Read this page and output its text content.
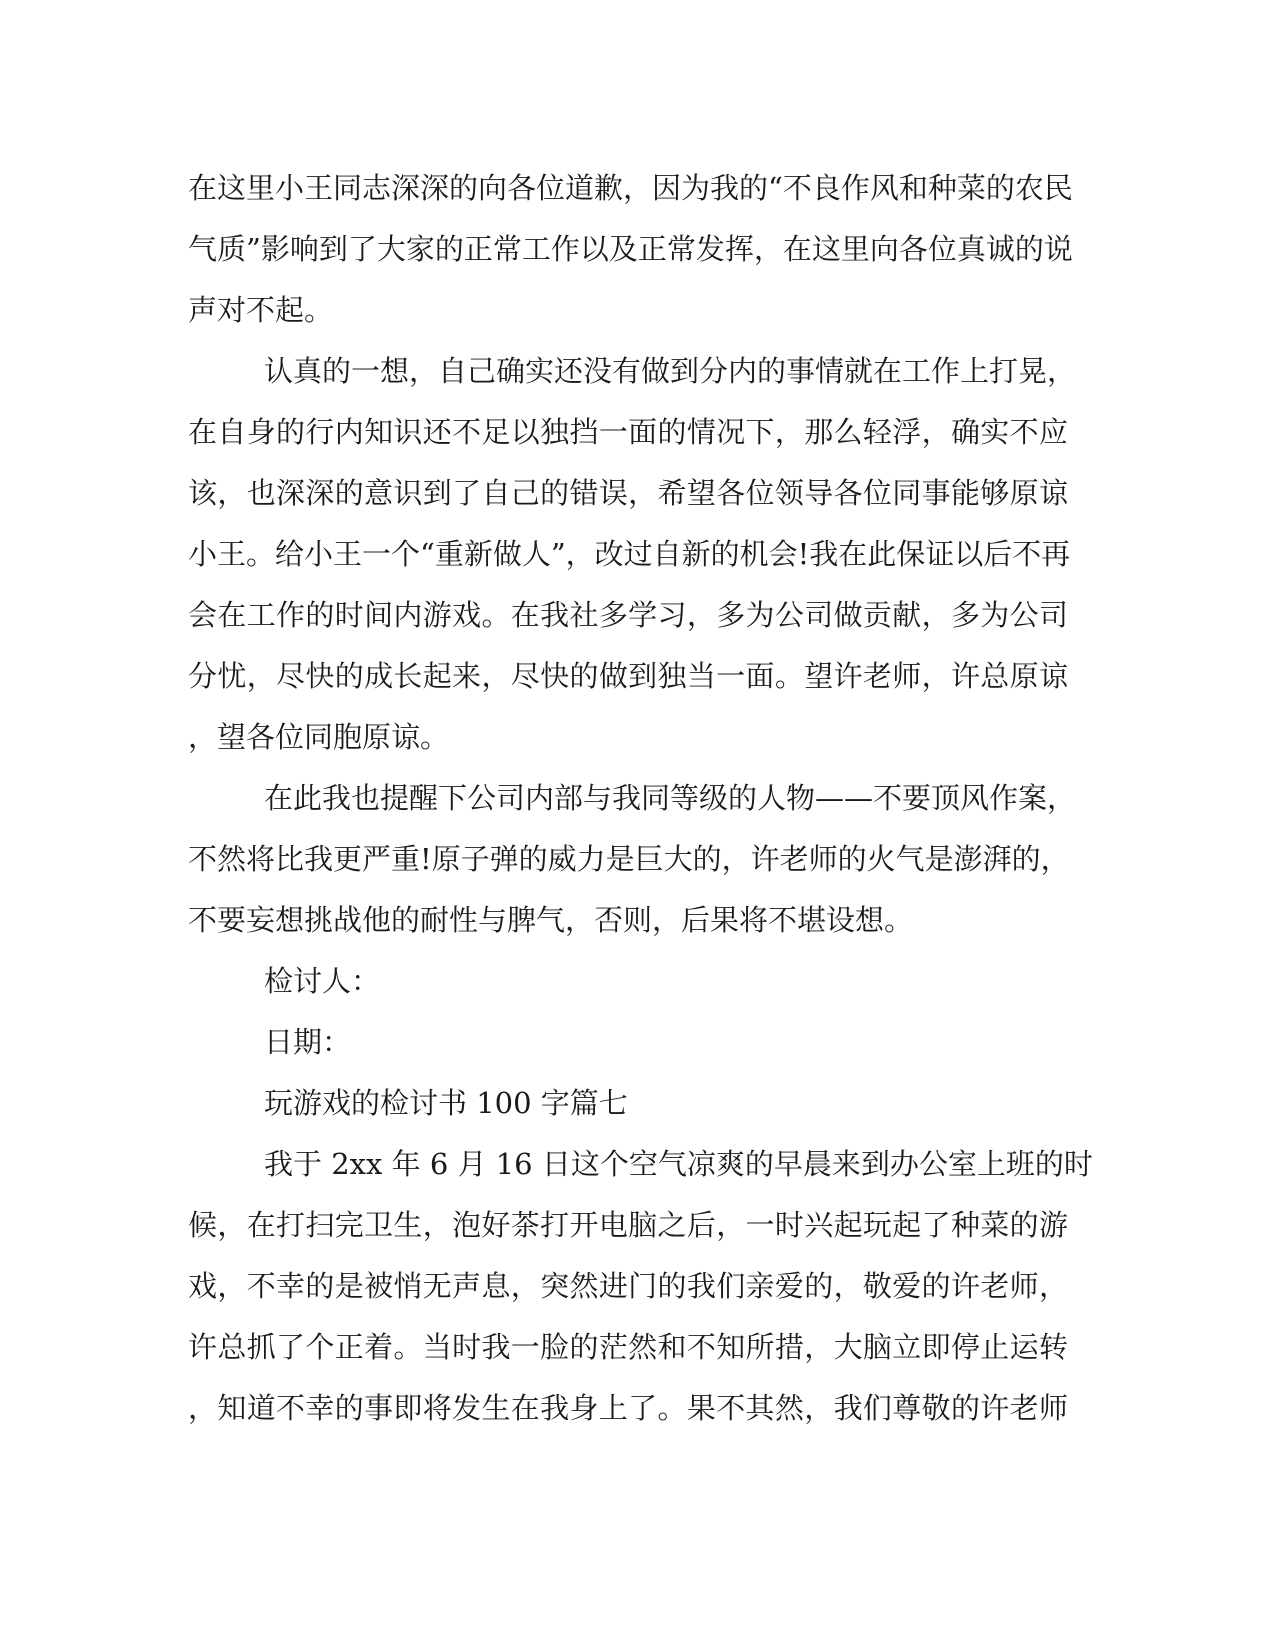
在这里小王同志深深的向各位道歉，因为我的“不良作风和种菜的农民
气质”影响到了大家的正常工作以及正常发挥，在这里向各位真诚的说
声对不起。
认真的一想，自己确实还没有做到分内的事情就在工作上打晃，
在自身的行内知识还不足以独挡一面的情况下，那么轻浮，确实不应
该，也深深的意识到了自己的错误，希望各位领导各位同事能够原谅
小王。给小王一个“重新做人”，改过自新的机会!我在此保证以后不再
会在工作的时间内游戏。在我社多学习，多为公司做贡献，多为公司
分忧，尽快的成长起来，尽快的做到独当一面。望许老师，许总原谅
，望各位同胞原谅。
在此我也提醒下公司内部与我同等级的人物——不要顶风作案，
不然将比我更严重!原子弹的威力是巨大的，许老师的火气是澎湃的，
不要妄想挑战他的耐性与脾气，否则，后果将不堪设想。
检讨人：
日期：
玩游戏的检讨书 100 字篇七
我于 2xx 年 6 月 16 日这个空气凉爽的早晨来到办公室上班的时
候，在打扫完卫生，泡好茶打开电脑之后，一时兴起玩起了种菜的游
戏，不幸的是被悄无声息，突然进门的我们亲爱的，敬爱的许老师，
许总抓了个正着。当时我一脸的茫然和不知所措，大脑立即停止运转
，知道不幸的事即将发生在我身上了。果不其然，我们尊敬的许老师
